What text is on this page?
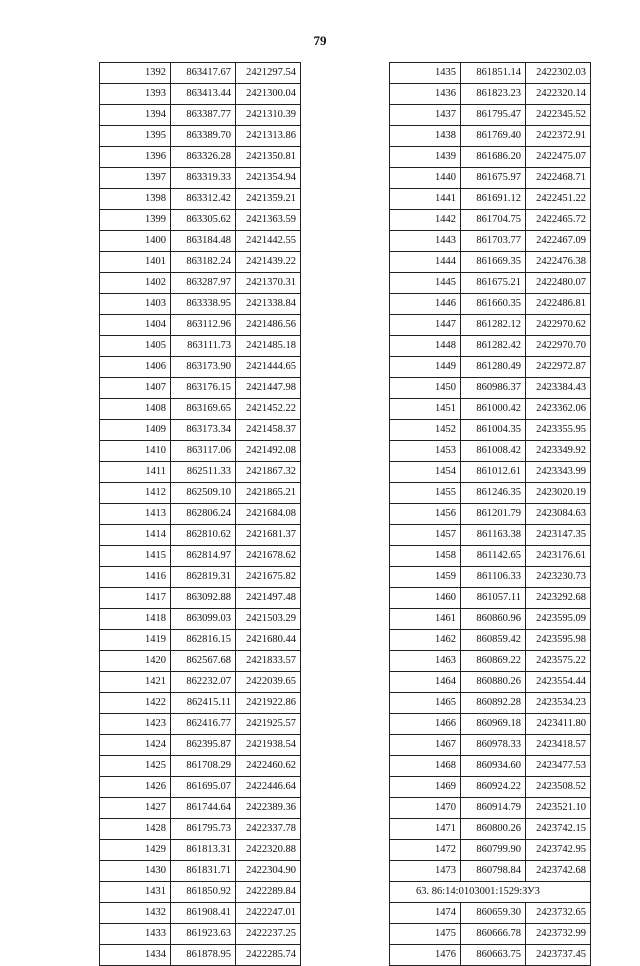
79
1392	863417.67	2421297.54
1393	863413.44	2421300.04
1394	863387.77	2421310.39
1395	863389.70	2421313.86
1396	863326.28	2421350.81
1397	863319.33	2421354.94
1398	863312.42	2421359.21
1399	863305.62	2421363.59
1400	863184.48	2421442.55
1401	863182.24	2421439.22
1402	863287.97	2421370.31
1403	863338.95	2421338.84
1404	863112.96	2421486.56
1405	863111.73	2421485.18
1406	863173.90	2421444.65
1407	863176.15	2421447.98
1408	863169.65	2421452.22
1409	863173.34	2421458.37
1410	863117.06	2421492.08
1411	862511.33	2421867.32
1412	862509.10	2421865.21
1413	862806.24	2421684.08
1414	862810.62	2421681.37
1415	862814.97	2421678.62
1416	862819.31	2421675.82
1417	863092.88	2421497.48
1418	863099.03	2421503.29
1419	862816.15	2421680.44
1420	862567.68	2421833.57
1421	862232.07	2422039.65
1422	862415.11	2421922.86
1423	862416.77	2421925.57
1424	862395.87	2421938.54
1425	861708.29	2422460.62
1426	861695.07	2422446.64
1427	861744.64	2422389.36
1428	861795.73	2422337.78
1429	861813.31	2422320.88
1430	861831.71	2422304.90
1431	861850.92	2422289.84
1432	861908.41	2422247.01
1433	861923.63	2422237.25
1434	861878.95	2422285.74
1435	861851.14	2422302.03
1436	861823.23	2422320.14
1437	861795.47	2422345.52
1438	861769.40	2422372.91
1439	861686.20	2422475.07
1440	861675.97	2422468.71
1441	861691.12	2422451.22
1442	861704.75	2422465.72
1443	861703.77	2422467.09
1444	861669.35	2422476.38
1445	861675.21	2422480.07
1446	861660.35	2422486.81
1447	861282.12	2422970.62
1448	861282.42	2422970.70
1449	861280.49	2422972.87
1450	860986.37	2423384.43
1451	861000.42	2423362.06
1452	861004.35	2423355.95
1453	861008.42	2423349.92
1454	861012.61	2423343.99
1455	861246.35	2423020.19
1456	861201.79	2423084.63
1457	861163.38	2423147.35
1458	861142.65	2423176.61
1459	861106.33	2423230.73
1460	861057.11	2423292.68
1461	860860.96	2423595.09
1462	860859.42	2423595.98
1463	860869.22	2423575.22
1464	860880.26	2423554.44
1465	860892.28	2423534.23
1466	860969.18	2423411.80
1467	860978.33	2423418.57
1468	860934.60	2423477.53
1469	860924.22	2423508.52
1470	860914.79	2423521.10
1471	860800.26	2423742.15
1472	860799.90	2423742.95
1473	860798.84	2423742.68
63. 86:14:0103001:1529:ЗУ3		
1474	860659.30	2423732.65
1475	860666.78	2423732.99
1476	860663.75	2423737.45
